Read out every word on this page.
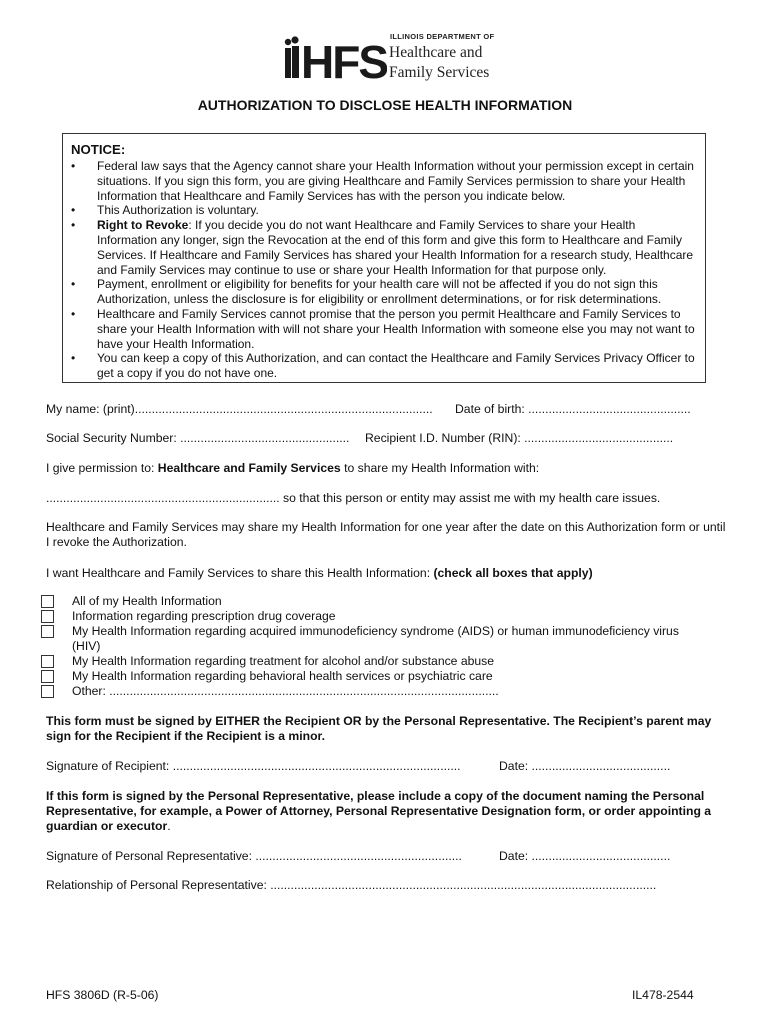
HFS ILLINOIS DEPARTMENT OF
Healthcare and
Family Services
AUTHORIZATION TO DISCLOSE HEALTH INFORMATION
NOTICE:
• Federal law says that the Agency cannot share your Health Information without your permission except in certain situations. If you sign this form, you are giving Healthcare and Family Services permission to share your Health Information that Healthcare and Family Services has with the person you indicate below.
• This Authorization is voluntary.
• Right to Revoke: If you decide you do not want Healthcare and Family Services to share your Health Information any longer, sign the Revocation at the end of this form and give this form to Healthcare and Family Services. If Healthcare and Family Services has shared your Health Information for a research study, Healthcare and Family Services may continue to use or share your Health Information for that purpose only.
• Payment, enrollment or eligibility for benefits for your health care will not be affected if you do not sign this Authorization, unless the disclosure is for eligibility or enrollment determinations, or for risk determinations.
• Healthcare and Family Services cannot promise that the person you permit Healthcare and Family Services to share your Health Information with will not share your Health Information with someone else you may not want to have your Health Information.
• You can keep a copy of this Authorization, and can contact the Healthcare and Family Services Privacy Officer to get a copy if you do not have one.
My name: (print)........................................................................................ Date of birth: ................................................
Social Security Number: .................................................. Recipient I.D. Number (RIN): ............................................
I give permission to: Healthcare and Family Services to share my Health Information with:
..................................................................... so that this person or entity may assist me with my health care issues.
Healthcare and Family Services may share my Health Information for one year after the date on this Authorization form or until I revoke the Authorization.
I want Healthcare and Family Services to share this Health Information: (check all boxes that apply)
All of my Health Information
Information regarding prescription drug coverage
My Health Information regarding acquired immunodeficiency syndrome (AIDS) or human immunodeficiency virus
(HIV)
My Health Information regarding treatment for alcohol and/or substance abuse
My Health Information regarding behavioral health services or psychiatric care
Other: ...................................................................................................................
This form must be signed by EITHER the Recipient OR by the Personal Representative. The Recipient’s parent may sign for the Recipient if the Recipient is a minor.
Signature of Recipient: .....................................................................................	Date: .........................................
If this form is signed by the Personal Representative, please include a copy of the document naming the Personal Representative, for example, a Power of Attorney, Personal Representative Designation form, or order appointing a guardian or executor.
Signature of Personal Representative: .............................................................	Date: .........................................
Relationship of Personal Representative: ..................................................................................................................
HFS 3806D (R-5-06)	IL478-2544
